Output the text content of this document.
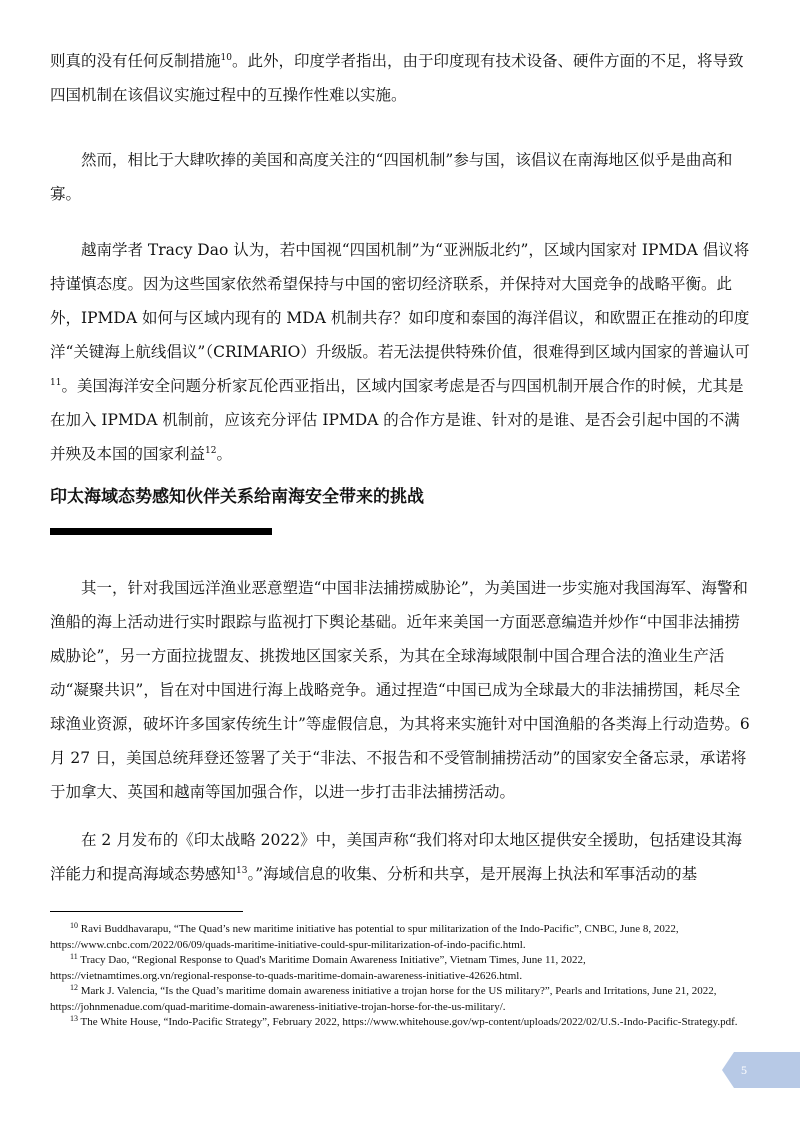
则真的没有任何反制措施$^{10}$。此外，印度学者指出，由于印度现有技术设备、硬件方面的不足，将导致四国机制在该倡议实施过程中的互操作性难以实施。
然而，相比于大肆吹捧的美国和高度关注的“四国机制”参与国，该倡议在南海地区似乎是曲高和寡。
越南学者 Tracy Dao 认为，若中国视“四国机制”为“亚洲版北约”，区域内国家对 IPMDA 倡议将持谨慎态度。因为这些国家依然希望保持与中国的密切经济联系，并保持对大国竞争的战略平衡。此外，IPMDA 如何与区域内现有的 MDA 机制共存？如印度和泰国的海洋倡议，和欧盟正在推动的印度洋“关键海上航线倡议”（CRIMARIO）升级版。若无法提供特殊价值，很难得到区域内国家的普遍认可$^{11}$。美国海洋安全问题分析家瓦伦西亚指出，区域内国家考虑是否与四国机制开展合作的时候，尤其是在加入 IPMDA 机制前，应该充分评估 IPMDA 的合作方是谁、针对的是谁、是否会引起中国的不满并殃及本国的国家利益$^{12}$。
印太海域态势感知伙伴关系给南海安全带来的挑战
其一，针对我国远洋渔业恶意塑造“中国非法捕捞威胁论”，为美国进一步实施对我国海军、海警和渔船的海上活动进行实时跟踪与监视打下舆论基础。近年来美国一方面恶意编造并炒作“中国非法捕捞威胁论”，另一方面拉拢盟友、挑拨地区国家关系，为其在全球海域限制中国合理合法的渔业生产活动“凝聚共识”，旨在对中国进行海上战略竞争。通过捏造“中国已成为全球最大的非法捕捞国，耗尽全球渔业资源，破坏许多国家传统生计”等虚假信息，为其将来实施针对中国渔船的各类海上行动造势。6 月 27 日，美国总统拜登还签署了关于“非法、不报告和不受管制捕捞活动”的国家安全备忘录，承诺将于加拿大、英国和越南等国加强合作，以进一步打击非法捕捞活动。
在 2 月发布的《印太战略 2022》中，美国声称“我们将对印太地区提供安全援助，包括建设其海洋能力和提高海域态势感知$^{13}$。”海域信息的收集、分析和共享，是开展海上执法和军事活动的基

$^{10}$ Ravi Buddhavarapu, “The Quad’s new maritime initiative has potential to spur militarization of the Indo-Pacific”, CNBC, June 8, 2022, https://www.cnbc.com/2022/06/09/quads-maritime-initiative-could-spur-militarization-of-indo-pacific.html.

$^{11}$ Tracy Dao, “Regional Response to Quad's Maritime Domain Awareness Initiative”, Vietnam Times, June 11, 2022, https://vietnamtimes.org.vn/regional-response-to-quads-maritime-domain-awareness-initiative-42626.html.

$^{12}$ Mark J. Valencia, “Is the Quad’s maritime domain awareness initiative a trojan horse for the US military?”, Pearls and Irritations, June 21, 2022, https://johnmenadue.com/quad-maritime-domain-awareness-initiative-trojan-horse-for-the-us-military/.

$^{13}$ The White House, “Indo-Pacific Strategy”, February 2022, https://www.whitehouse.gov/wp-content/uploads/2022/02/U.S.-Indo-Pacific-Strategy.pdf.

5
